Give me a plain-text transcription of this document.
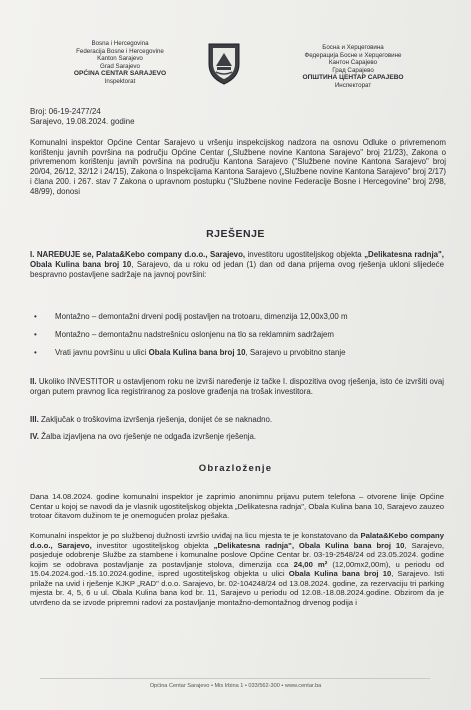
Bosna i Hercegovina
Federacija Bosne i Hercegovine
Kanton Sarajevo
Grad Sarajevo
OPĆINA CENTAR SARAJEVO
Inspektorat
Босна и Херцеговина
Федерација Босне и Херцеговине
Кантон Сарајево
Град Сарајево
ОПШТИНА ЦЕНТАР САРАЈЕВО
Инспекторат
Broj: 06-19-2477/24
Sarajevo, 19.08.2024. godine
Komunalni inspektor Općine Centar Sarajevo u vršenju inspekcijskog nadzora na osnovu Odluke o privremenom korištenju javnih površina na području Općine Centar („Službene novine Kantona Sarajevo" broj 21/23), Zakona o privremenom korištenju javnih površina na području Kantona Sarajevo ("Službene novine Kantona Sarajevo" broj 20/04, 26/12, 32/12 i 24/15), Zakona o Inspekcijama Kantona Sarajevo („Službene novine Kantona Sarajevo" broj 2/17) i člana 200. i 267. stav 7 Zakona o upravnom postupku ("Službene novine Federacije Bosne i Hercegovine" broj 2/98, 48/99), donosi
RJEŠENJE
I. NAREĐUJE se, Palata&Kebo company d.o.o., Sarajevo, investitoru ugostiteljskog objekta „Delikatesna radnja", Obala Kulina bana broj 10, Sarajevo, da u roku od jedan (1) dan od dana prijema ovog rješenja ukloni slijedeće bespravno postavljene sadržaje na javnoj površini:
•	Montažno – demontažni drveni podij postavljen na trotoaru, dimenzija 12,00x3,00 m
•	Montažno – demontažnu nadstrešnicu oslonjenu na tlo sa reklamnim sadržajem
•	Vrati javnu površinu u ulici Obala Kulina bana broj 10, Sarajevo u prvobitno stanje
II. Ukoliko INVESTITOR u ostavljenom roku ne izvrši naređenje iz tačke I. dispozitiva ovog rješenja, isto će izvršiti ovaj organ putem pravnog lica registriranog za poslove građenja na trošak investitora.
III. Zaključak o troškovima izvršenja rješenja, donijet će se naknadno.
IV. Žalba izjavljena na ovo rješenje ne odgađa izvršenje rješenja.
Obrazloženje
Dana 14.08.2024. godine komunalni inspektor je zaprimio anonimnu prijavu putem telefona – otvorene linije Općine Centar u kojoj se navodi da je vlasnik ugostiteljskog objekta „Delikatesna radnja", Obala Kulina bana 10, Sarajevo zauzeo trotoar čitavom dužinom te je onemogućen prolaz pješaka.
Komunalni inspektor je po službenoj dužnosti izvršio uviđaj na licu mjesta te je konstatovano da Palata&Kebo company d.o.o., Sarajevo, investitor ugostiteljskog objekta „Delikatesna radnja", Obala Kulina bana broj 10, Sarajevo, posjeduje odobrenje Službe za stambene i komunalne poslove Općine Centar br. 03-19-2548/24 od 23.05.2024. godine kojim se odobrava postavljanje za postavljanje stolova, dimenzija cca 24,00 m² (12,00mx2,00m), u periodu od 15.04.2024.god.-15.10.2024.godine, ispred ugostiteljskog objekta u ulici Obala Kulina bana broj 10, Sarajevo. Isti prilaže na uvid i rješenje KJKP „RAD" d.o.o. Sarajevo, br. 02-104248/24 od 13.08.2024. godine, za rezervaciju tri parking mjesta br. 4, 5, 6 u ul. Obala Kulina bana kod br. 11, Sarajevo u periodu od 12.08.-18.08.2024.godine. Obzirom da je utvrđeno da se izvode pripremni radovi za postavljanje montažno-demontažnog drvenog podija i
Općina Centar Sarajevo • Mis Irbina 1 • 033/562-300 • www.centar.ba
